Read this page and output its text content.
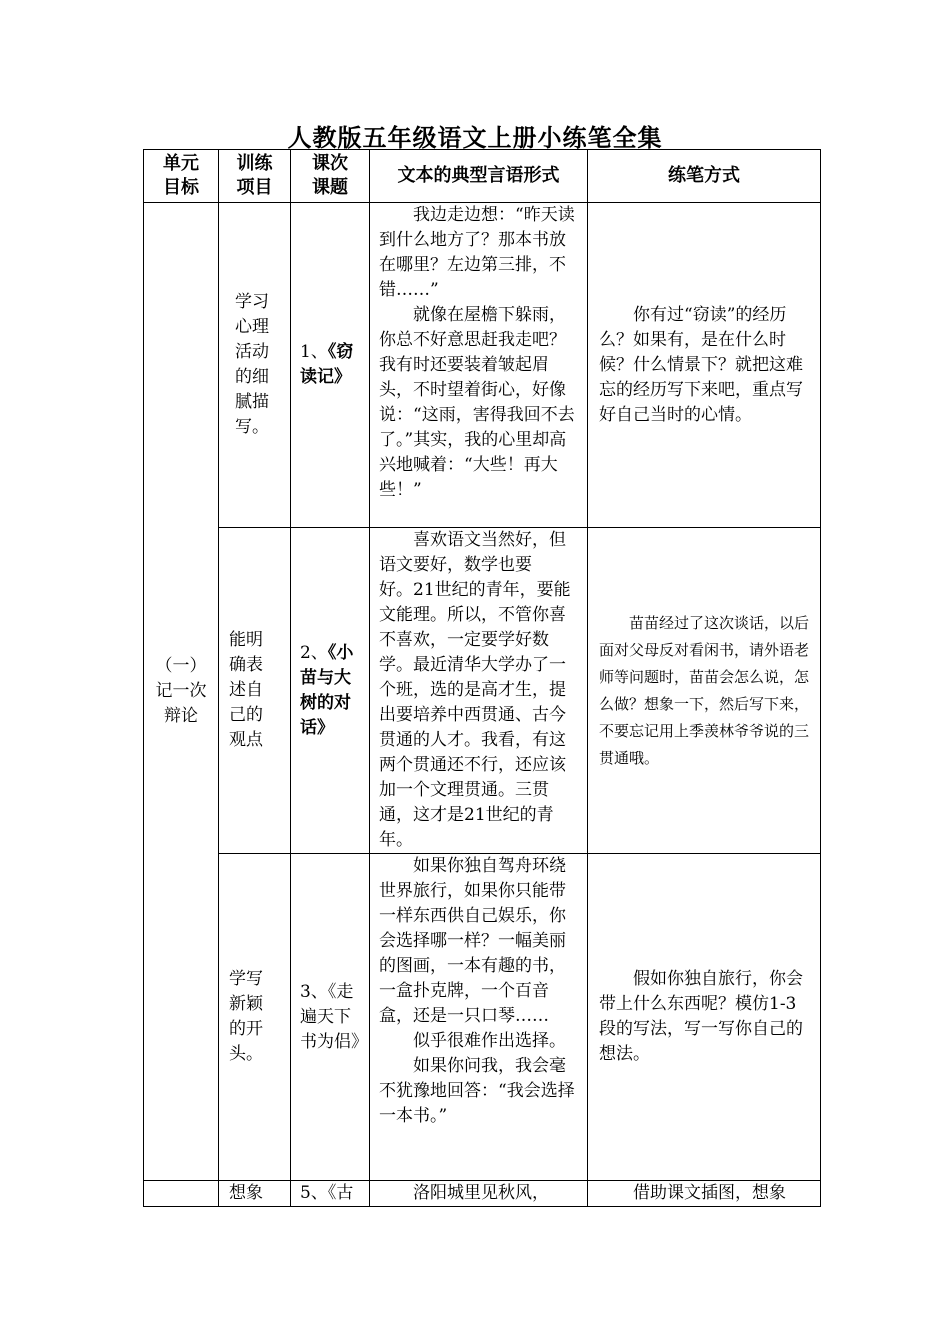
人教版五年级语文上册小练笔全集
单元目标	训练项目	课次课题	文本的典型言语形式	练笔方式

（一）记一次辩论	学习心理活动的细腻描写。	1、《窃读记》	我边走边想：“昨天读
到什么地方了？那本书放在哪里？左边第三排，不错……”
就像在屋檐下躲雨，你总不好意思赶我走吧？我有时还要装着皱起眉头，不时望着街心，好像说：“这雨，害得我回不去了。”其实，我的心里却高兴地喊着：“大些！再大些！”	你有过“窃读”的经历么？如果有，是在什么时候？什么情景下？就把这难忘的经历写下来吧，重点写好自己当时的心情。

	能明确表述自己的观点	2、《小苗与大树的对话》	喜欢语文当然好，但语文要好，数学也要
好。21世纪的青年，要能文能理。所以，不管你喜不喜欢，一定要学好数学。最近清华大学办了一个班，选的是高才生，提出要培养中西贯通、古今贯通的人才。我看，有这两个贯通还不行，还应该加一个文理贯通。三贯通，这才是21世纪的青年。	苗苗经过了这次谈话，以后面对父母反对看闲书，请外语老师等问题时，苗苗会怎么说，怎么做？想象一下，然后写下来，不要忘记用上季羡林爷爷说的三贯通哦。

	学写新颖的开头。	3、《走遍天下书为侣》	如果你独自驾舟环绕世界旅行，如果你只能带一样东西供自己娱乐，你会选择哪一样？一幅美丽的图画，一本有趣的书，一盒扑克牌，一个百音盒，还是一只口琴……
似乎很难作出选择。
如果你问我，我会毫不犹豫地回答：“我会选择一本书。”	假如你独自旅行，你会带上什么东西呢？模仿1-3段的写法，写一写你自己的想法。

	想象	5、《古	洛阳城里见秋风，	借助课文插图，想象
